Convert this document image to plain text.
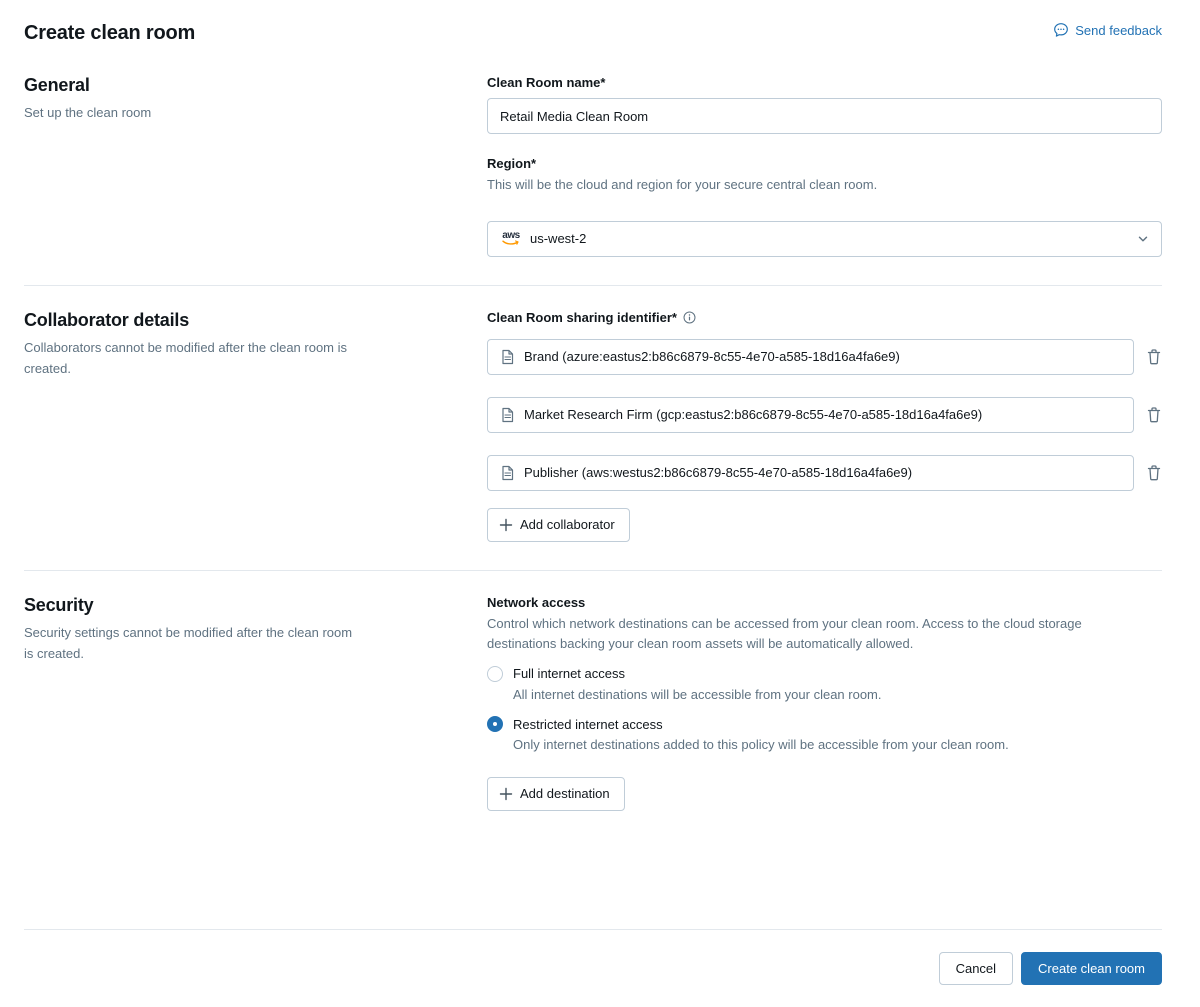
Create clean room	Send feedback
General
Set up the clean room
Clean Room name*
Retail Media Clean Room
Region*
This will be the cloud and region for your secure central clean room.
aws us-west-2
Collaborator details
Collaborators cannot be modified after the clean room is created.
Clean Room sharing identifier*
Brand (azure:eastus2:b86c6879-8c55-4e70-a585-18d16a4fa6e9)
Market Research Firm (gcp:eastus2:b86c6879-8c55-4e70-a585-18d16a4fa6e9)
Publisher (aws:westus2:b86c6879-8c55-4e70-a585-18d16a4fa6e9)
Add collaborator
Security
Security settings cannot be modified after the clean room is created.
Network access
Control which network destinations can be accessed from your clean room. Access to the cloud storage destinations backing your clean room assets will be automatically allowed.
Full internet access
All internet destinations will be accessible from your clean room.
Restricted internet access
Only internet destinations added to this policy will be accessible from your clean room.
Add destination
Cancel	Create clean room
